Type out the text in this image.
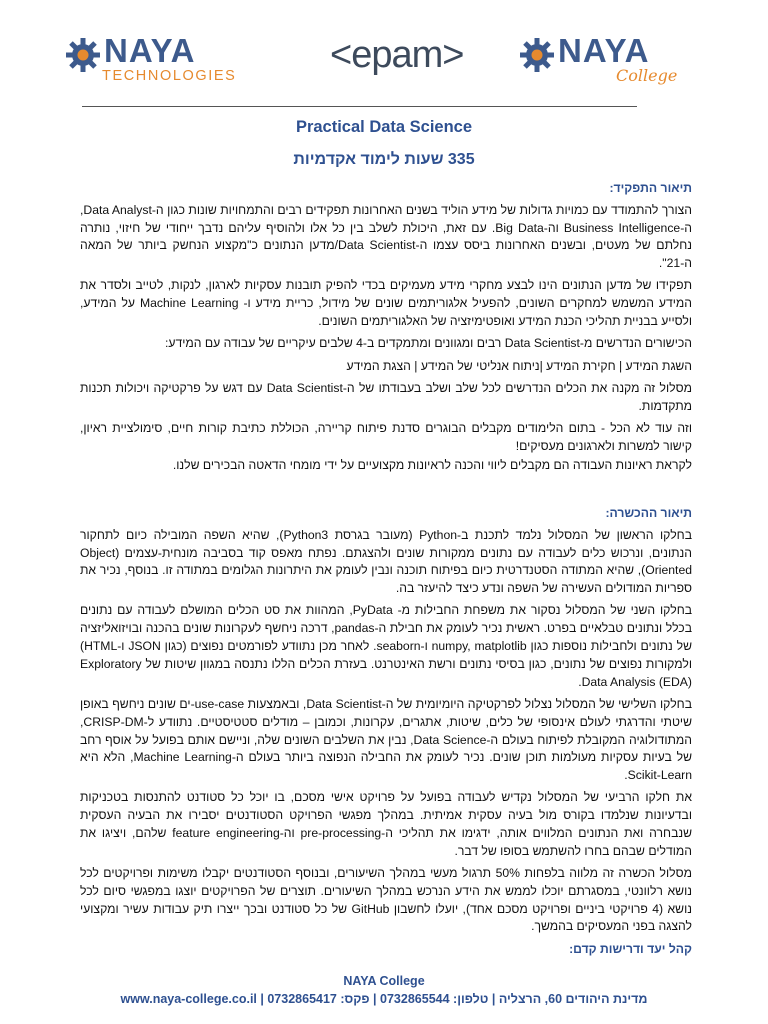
NAYA
TECHNOLOGIES <epam>	NAYA
College
Practical Data Science
335 שעות לימוד אקדמיות

תיאור התפקיד:

הצורך להתמודד עם כמויות גדולות של מידע הוליד בשנים האחרונות תפקידים רבים והתמחויות שונות כגון ה-Data Analyst, ה-Business Intelligence וה-Big Data. עם זאת, היכולת לשלב בין כל אלו ולהוסיף עליהם נדבך ייחודי של חיזוי, נותרה נחלתם של מעטים, ובשנים האחרונות ביסס עצמו ה-Data Scientist/מדען הנתונים כ"מקצוע הנחשק ביותר של המאה ה-21".

תפקידו של מדען הנתונים הינו לבצע מחקרי מידע מעמיקים בכדי להפיק תובנות עסקיות לארגון, לנקות, לטייב ולסדר את המידע המשמש למחקרים השונים, להפעיל אלגוריתמים שונים של מידול, כריית מידע ו- Machine Learning על המידע, ולסייע בבניית תהליכי הכנת המידע ואופטימיזציה של האלגוריתמים השונים.

הכישורים הנדרשים מ-Data Scientist רבים ומגוונים ומתמקדים ב-4 שלבים עיקריים של עבודה עם המידע:

השגת המידע | חקירת המידע |ניתוח אנליטי של המידע | הצגת המידע

מסלול זה מקנה את הכלים הנדרשים לכל שלב ושלב בעבודתו של ה-Data Scientist עם דגש על פרקטיקה ויכולות תכנות מתקדמות.

וזה עוד לא הכל - בתום הלימודים מקבלים הבוגרים סדנת פיתוח קריירה, הכוללת כתיבת קורות חיים, סימולציית ראיון, קישור למשרות ולארגונים מעסיקים!

לקראת ראיונות העבודה הם מקבלים ליווי והכנה לראיונות מקצועיים על ידי מומחי הדאטה הבכירים שלנו.

תיאור ההכשרה:

בחלקו הראשון של המסלול נלמד לתכנת ב-Python (מעובר בגרסת Python3), שהיא השפה המובילה כיום לתחקור הנתונים, ונרכוש כלים לעבודה עם נתונים ממקורות שונים ולהצגתם. נפתח מאפס קוד בסביבה מונחית-עצמים (Object Oriented), שהיא המתודה הסטנדרטית כיום בפיתוח תוכנה ונבין לעומק את היתרונות הגלומים במתודה זו. בנוסף, נכיר את ספריות המודולים העשירה של השפה ונדע כיצד להיעזר בה.

בחלקו השני של המסלול נסקור את משפחת החבילות מ- PyData, המהוות את סט הכלים המושלם לעבודה עם נתונים בכלל ונתונים טבלאיים בפרט. ראשית נכיר לעומק את חבילת ה-pandas, דרכה ניחשף לעקרונות שונים בהכנה ובויזואליזציה של נתונים ולחבילות נוספות כגון numpy, matplotlib ו-seaborn. לאחר מכן נתוודע לפורמטים נפוצים (כגון JSON ו-HTML) ולמקורות נפוצים של נתונים, כגון בסיסי נתונים ורשת האינטרנט. בעזרת הכלים הללו נתנסה במגוון שיטות של Exploratory Data Analysis (EDA).

בחלקו השלישי של המסלול נצלול לפרקטיקה היומיומית של ה-Data Scientist, ובאמצעות use-case-ים שונים ניחשף באופן שיטתי והדרגתי לעולם אינסופי של כלים, שיטות, אתגרים, עקרונות, וכמובן – מודלים סטטיסטיים. נתוודע ל-CRISP-DM, המתודולוגיה המקובלת לפיתוח בעולם ה-Data Science, נבין את השלבים השונים שלה, וניישם אותם בפועל על אוסף רחב של בעיות עסקיות מעולמות תוכן שונים. נכיר לעומק את החבילה הנפוצה ביותר בעולם ה-Machine Learning, הלא היא Scikit-Learn.

את חלקו הרביעי של המסלול נקדיש לעבודה בפועל על פרויקט אישי מסכם, בו יוכל כל סטודנט להתנסות בטכניקות ובדעיונות שנלמדו בקורס מול בעיה עסקית אמיתית. במהלך מפגשי הפרויקט הסטודנטים יסבירו את הבעיה העסקית שנבחרה ואת הנתונים המלווים אותה, ידגימו את תהליכי ה-pre-processing וה-feature engineering שלהם, ויציגו את המודלים שבהם בחרו להשתמש בסופו של דבר.

מסלול הכשרה זה מלווה בלפחות 50% תרגול מעשי במהלך השיעורים, ובנוסף הסטודנטים יקבלו משימות ופרויקטים לכל נושא רלוונטי, במסגרתם יוכלו לממש את הידע הנרכש במהלך השיעורים. תוצרים של הפרויקטים יוצגו במפגשי סיום לכל נושא (4 פרויקטי ביניים ופרויקט מסכם אחד), יועלו לחשבון GitHub של כל סטודנט ובכך ייצרו תיק עבודות עשיר ומקצועי להצגה בפני המעסיקים בהמשך.

קהל יעד ודרישות קדם:

NAYA College
מדינת היהודים 60, הרצליה | טלפון: 0732865544 | פקס: 0732865417 | www.naya-college.co.il
